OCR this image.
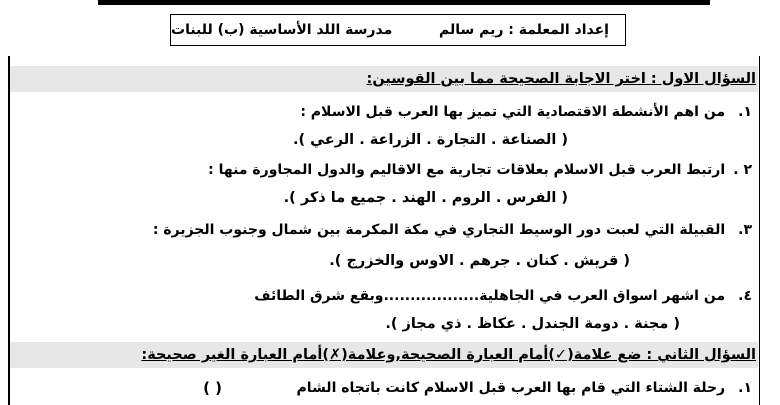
مدرسة اللد الأساسية (ب) للبنات	إعداد المعلمة : ريم سالم
السؤال الاول : اختر الاجابة الصحيحة مما بين القوسين:
١. من اهم الأنشطة الاقتصادية التي تميز بها العرب قبل الاسلام :
( الصناعة . التجارة . الزراعة . الرعي ).
٢ . ارتبط العرب قبل الاسلام بعلاقات تجارية مع الاقاليم والدول المجاورة منها :
( الفرس . الروم . الهند . جميع ما ذكر ).
٣. القبيلة التي لعبت دور الوسيط التجاري في مكة المكرمة بين شمال وجنوب الجزيرة :
( قريش . كنان . جرهم . الاوس والخزرج ).
٤. من اشهر اسواق العرب في الجاهلية..................وبقع شرق الطائف
( مجنة . دومة الجندل . عكاظ . ذي مجاز ).
السؤال الثاني : ضع علامة(✓)أمام العبارة الصحيحة,وعلامة(✗)أمام العبارة الغير صحيحة:
١. رحلة الشتاء التي قام بها العرب قبل الاسلام كانت باتجاه الشام
( )
